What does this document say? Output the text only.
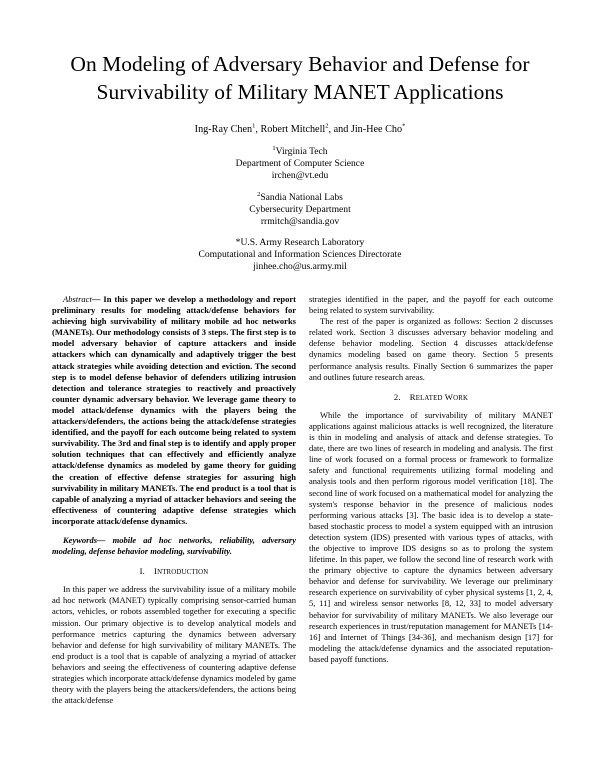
On Modeling of Adversary Behavior and Defense for
Survivability of Military MANET Applications
Ing-Ray Chen$^1$, Robert Mitchell$^2$, and Jin-Hee Cho*
$^1$Virginia Tech
Department of Computer Science
irchen@vt.edu
$^2$Sandia National Labs
Cybersecurity Department
rrmitch@sandia.gov
*U.S. Army Research Laboratory
Computational and Information Sciences Directorate
jinhee.cho@us.army.mil

Abstract— In this paper we develop a methodology and report preliminary results for modeling attack/defense behaviors for achieving high survivability of military mobile ad hoc networks (MANETs). Our methodology consists of 3 steps. The first step is to model adversary behavior of capture attackers and inside attackers which can dynamically and adaptively trigger the best attack strategies while avoiding detection and eviction. The second step is to model defense behavior of defenders utilizing intrusion detection and tolerance strategies to reactively and proactively counter dynamic adversary behavior. We leverage game theory to model attack/defense dynamics with the players being the attackers/defenders, the actions being the attack/defense strategies identified, and the payoff for each outcome being related to system survivability. The 3rd and final step is to identify and apply proper solution techniques that can effectively and efficiently analyze attack/defense dynamics as modeled by game theory for guiding the creation of effective defense strategies for assuring high survivability in military MANETs. The end product is a tool that is capable of analyzing a myriad of attacker behaviors and seeing the effectiveness of countering adaptive defense strategies which incorporate attack/defense dynamics.

Keywords— mobile ad hoc networks, reliability, adversary modeling, defense behavior modeling, survivability.

I. INTRODUCTION

In this paper we address the survivability issue of a military mobile ad hoc network (MANET) typically comprising sensor-carried human actors, vehicles, or robots assembled together for executing a specific mission. Our primary objective is to develop analytical models and performance metrics capturing the dynamics between adversary behavior and defense for high survivability of military MANETs. The end product is a tool that is capable of analyzing a myriad of attacker behaviors and seeing the effectiveness of countering adaptive defense strategies which incorporate attack/defense dynamics modeled by game theory with the players being the attackers/defenders, the actions being the attack/defense

strategies identified in the paper, and the payoff for each outcome being related to system survivability.

The rest of the paper is organized as follows: Section 2 discusses related work. Section 3 discusses adversary behavior modeling and defense behavior modeling. Section 4 discusses attack/defense dynamics modeling based on game theory. Section 5 presents performance analysis results. Finally Section 6 summarizes the paper and outlines future research areas.

2. RELATED WORK

While the importance of survivability of military MANET applications against malicious attacks is well recognized, the literature is thin in modeling and analysis of attack and defense strategies. To date, there are two lines of research in modeling and analysis. The first line of work focused on a formal process or framework to formalize safety and functional requirements utilizing formal modeling and analysis tools and then perform rigorous model verification [18]. The second line of work focused on a mathematical model for analyzing the system's response behavior in the presence of malicious nodes performing various attacks [3]. The basic idea is to develop a state-based stochastic process to model a system equipped with an intrusion detection system (IDS) presented with various types of attacks, with the objective to improve IDS designs so as to prolong the system lifetime. In this paper, we follow the second line of research work with the primary objective to capture the dynamics between adversary behavior and defense for survivability. We leverage our preliminary research experience on survivability of cyber physical systems [1, 2, 4, 5, 11] and wireless sensor networks [8, 12, 33] to model adversary behavior for survivability of military MANETs. We also leverage our research experiences in trust/reputation management for MANETs [14-16] and Internet of Things [34-36], and mechanism design [17] for modeling the attack/defense dynamics and the associated reputation-based payoff functions.
